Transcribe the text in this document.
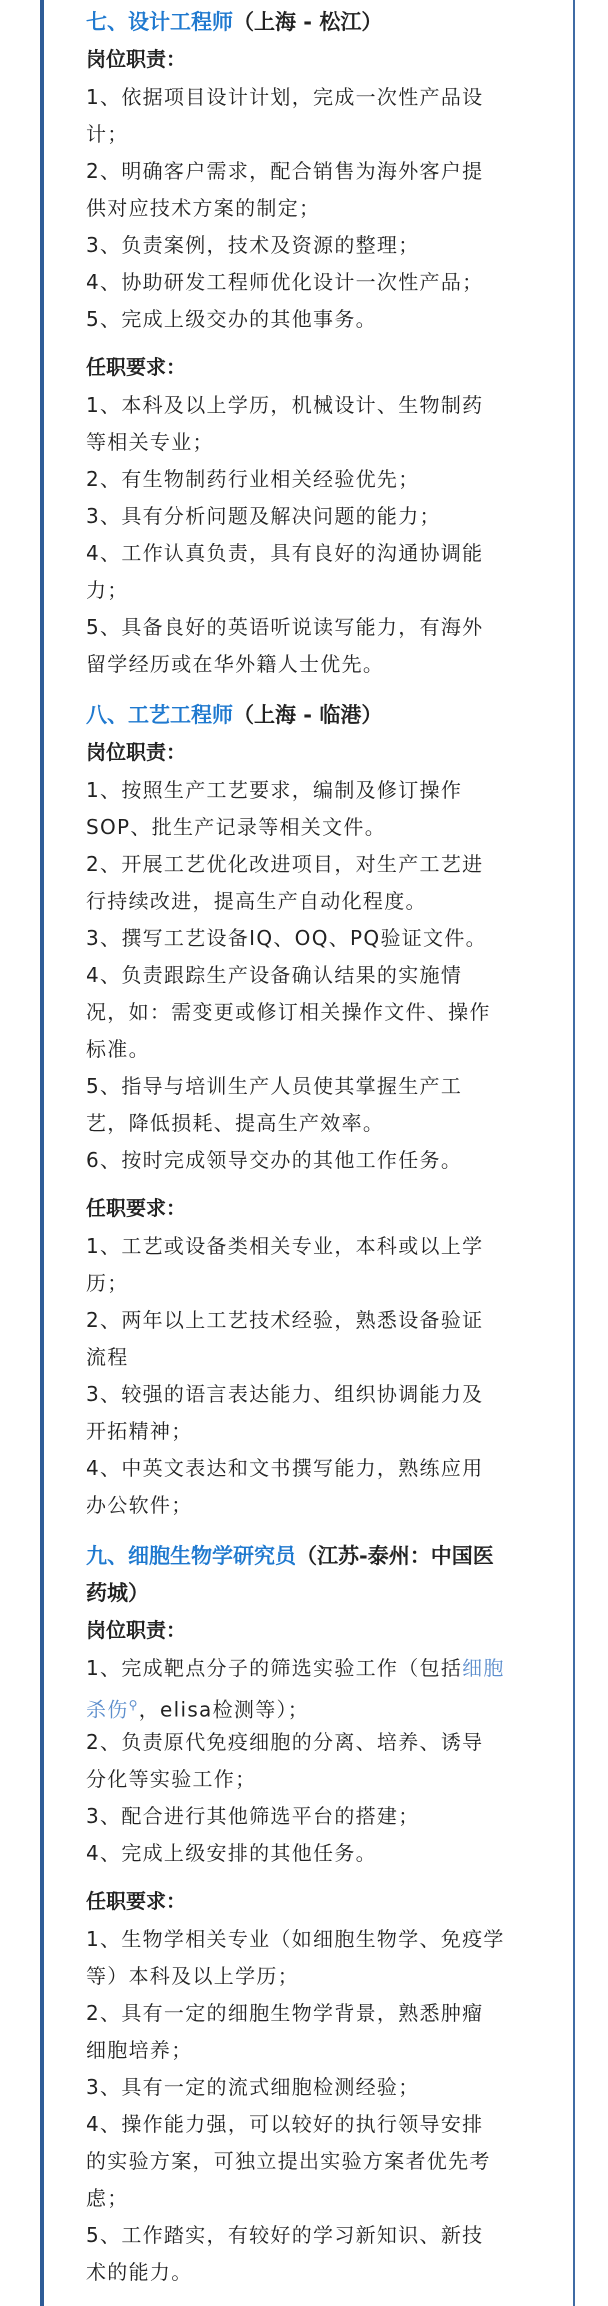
七、设计工程师（上海 - 松江）
岗位职责：
1、依据项目设计计划，完成一次性产品设
计；
2、明确客户需求，配合销售为海外客户提
供对应技术方案的制定；
3、负责案例，技术及资源的整理；
4、协助研发工程师优化设计一次性产品；
5、完成上级交办的其他事务。
任职要求：
1、本科及以上学历，机械设计、生物制药
等相关专业；
2、有生物制药行业相关经验优先；
3、具有分析问题及解决问题的能力；
4、工作认真负责，具有良好的沟通协调能
力；
5、具备良好的英语听说读写能力，有海外
留学经历或在华外籍人士优先。
八、工艺工程师（上海 - 临港）
岗位职责：
1、按照生产工艺要求，编制及修订操作
SOP、批生产记录等相关文件。
2、开展工艺优化改进项目，对生产工艺进
行持续改进，提高生产自动化程度。
3、撰写工艺设备IQ、OQ、PQ验证文件。
4、负责跟踪生产设备确认结果的实施情
况，如：需变更或修订相关操作文件、操作
标准。
5、指导与培训生产人员使其掌握生产工
艺，降低损耗、提高生产效率。
6、按时完成领导交办的其他工作任务。
任职要求：
1、工艺或设备类相关专业，本科或以上学
历；
2、两年以上工艺技术经验，熟悉设备验证
流程
3、较强的语言表达能力、组织协调能力及
开拓精神；
4、中英文表达和文书撰写能力，熟练应用
办公软件；
九、细胞生物学研究员（江苏-泰州：中国医
药城）
岗位职责：
1、完成靶点分子的筛选实验工作（包括细胞
杀伤⚲，elisa检测等）；
2、负责原代免疫细胞的分离、培养、诱导
分化等实验工作；
3、配合进行其他筛选平台的搭建；
4、完成上级安排的其他任务。
任职要求：
1、生物学相关专业（如细胞生物学、免疫学
等）本科及以上学历；
2、具有一定的细胞生物学背景，熟悉肿瘤
细胞培养；
3、具有一定的流式细胞检测经验；
4、操作能力强，可以较好的执行领导安排
的实验方案，可独立提出实验方案者优先考
虑；
5、工作踏实，有较好的学习新知识、新技
术的能力。
